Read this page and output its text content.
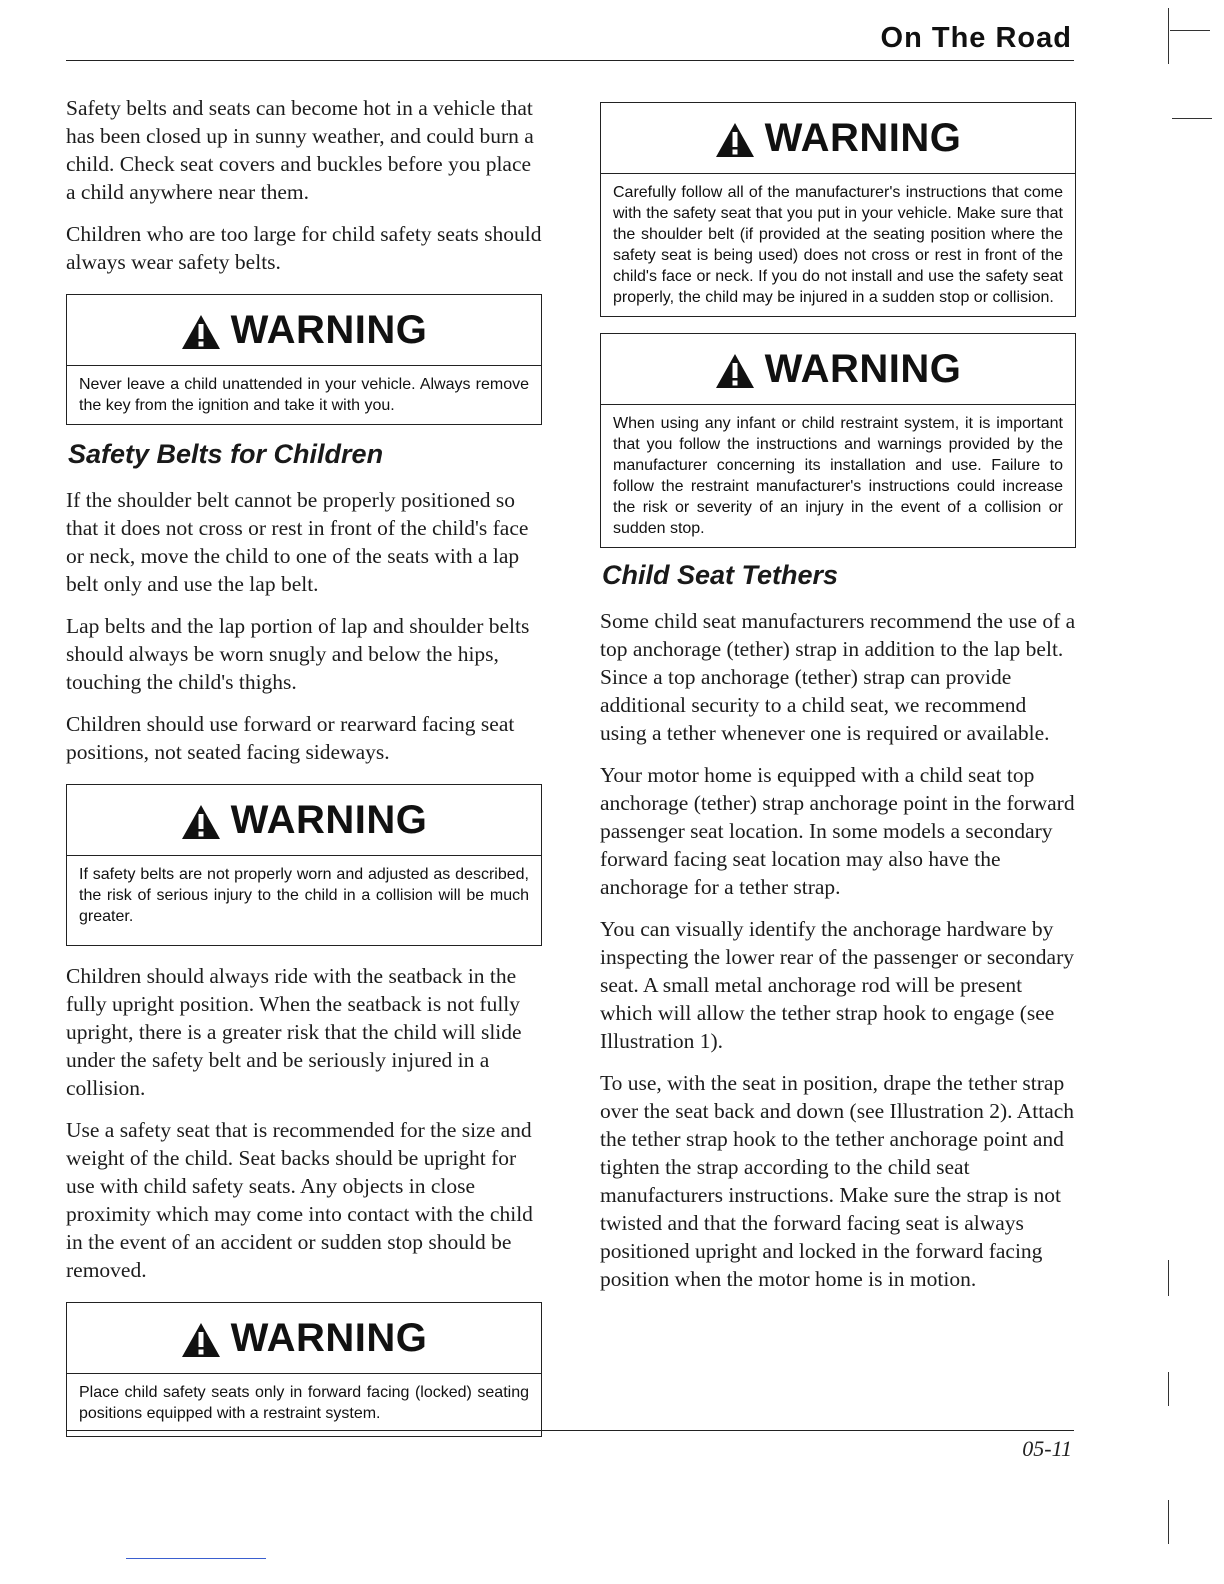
On The Road

Safety belts and seats can become hot in a vehicle that has been closed up in sunny weather, and could burn a child. Check seat covers and buckles before you place a child anywhere near them.

Children who are too large for child safety seats should always wear safety belts.

WARNING
Never leave a child unattended in your vehicle. Always remove the key from the ignition and take it with you.
Safety Belts for Children

If the shoulder belt cannot be properly positioned so that it does not cross or rest in front of the child's face or neck, move the child to one of the seats with a lap belt only and use the lap belt.

Lap belts and the lap portion of lap and shoulder belts should always be worn snugly and below the hips, touching the child's thighs.

Children should use forward or rearward facing seat positions, not seated facing sideways.

WARNING
If safety belts are not properly worn and adjusted as described, the risk of serious injury to the child in a collision will be much greater.

Children should always ride with the seatback in the fully upright position. When the seatback is not fully upright, there is a greater risk that the child will slide under the safety belt and be seriously injured in a collision.

Use a safety seat that is recommended for the size and weight of the child. Seat backs should be upright for use with child safety seats. Any objects in close proximity which may come into contact with the child in the event of an accident or sudden stop should be removed.

WARNING
Place child safety seats only in forward facing (locked) seating positions equipped with a restraint system.
WARNING
Carefully follow all of the manufacturer's instructions that come with the safety seat that you put in your vehicle. Make sure that the shoulder belt (if provided at the seating position where the safety seat is being used) does not cross or rest in front of the child's face or neck. If you do not install and use the safety seat properly, the child may be injured in a sudden stop or collision.
WARNING
When using any infant or child restraint system, it is important that you follow the instructions and warnings provided by the manufacturer concerning its installation and use. Failure to follow the restraint manufacturer's instructions could increase the risk or severity of an injury in the event of a collision or sudden stop.
Child Seat Tethers

Some child seat manufacturers recommend the use of a top anchorage (tether) strap in addition to the lap belt. Since a top anchorage (tether) strap can provide additional security to a child seat, we recommend using a tether whenever one is required or available.

Your motor home is equipped with a child seat top anchorage (tether) strap anchorage point in the forward passenger seat location. In some models a secondary forward facing seat location may also have the anchorage for a tether strap.

You can visually identify the anchorage hardware by inspecting the lower rear of the passenger or secondary seat. A small metal anchorage rod will be present which will allow the tether strap hook to engage (see Illustration 1).

To use, with the seat in position, drape the tether strap over the seat back and down (see Illustration 2). Attach the tether strap hook to the tether anchorage point and tighten the strap according to the child seat manufacturers instructions. Make sure the strap is not twisted and that the forward facing seat is always positioned upright and locked in the forward facing position when the motor home is in motion.

05-11
